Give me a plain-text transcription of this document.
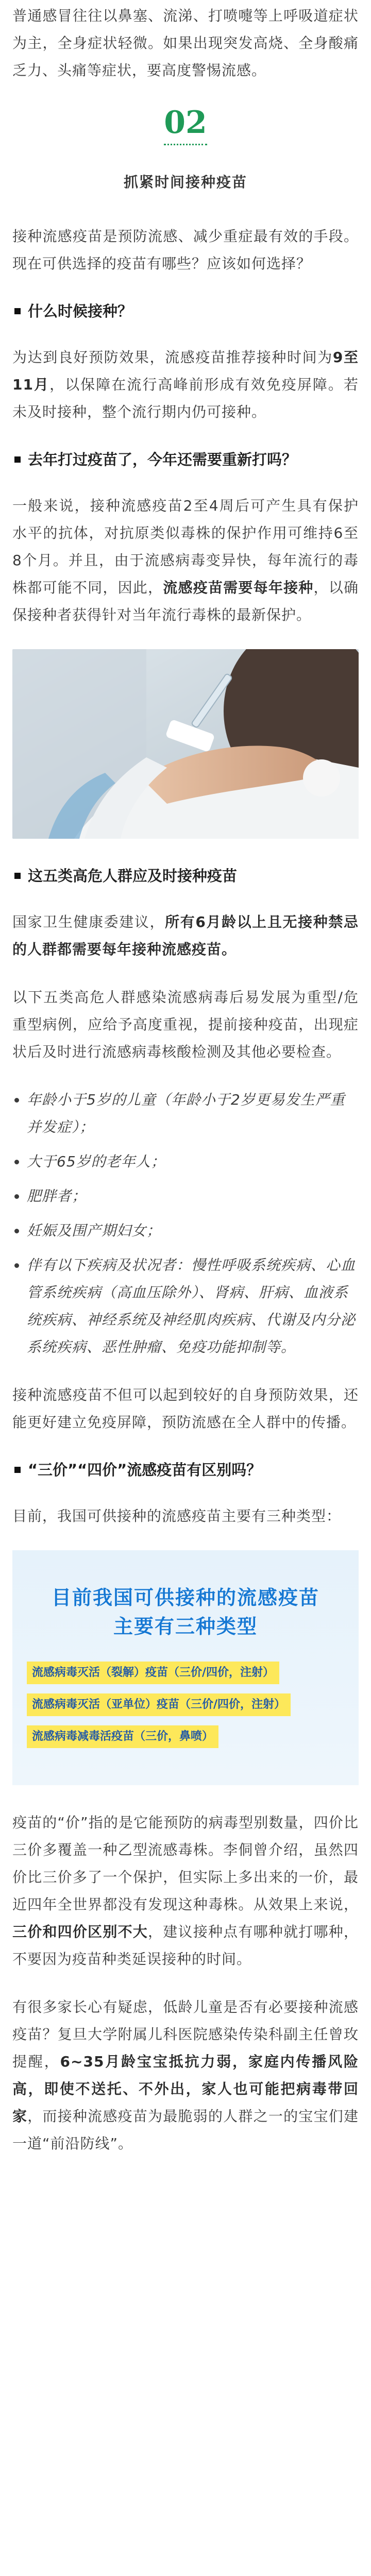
普通感冒往往以鼻塞、流涕、打喷嚏等上呼吸道症状为主，全身症状轻微。如果出现突发高烧、全身酸痛乏力、头痛等症状，要高度警惕流感。

02
抓紧时间接种疫苗

接种流感疫苗是预防流感、减少重症最有效的手段。现在可供选择的疫苗有哪些？应该如何选择？

什么时候接种？

为达到良好预防效果，流感疫苗推荐接种时间为9至11月，以保障在流行高峰前形成有效免疫屏障。若未及时接种，整个流行期内仍可接种。

去年打过疫苗了，今年还需要重新打吗？

一般来说，接种流感疫苗2至4周后可产生具有保护水平的抗体，对抗原类似毒株的保护作用可维持6至8个月。并且，由于流感病毒变异快，每年流行的毒株都可能不同，因此，流感疫苗需要每年接种，以确保接种者获得针对当年流行毒株的最新保护。

这五类高危人群应及时接种疫苗

国家卫生健康委建议，所有6月龄以上且无接种禁忌的人群都需要每年接种流感疫苗。

以下五类高危人群感染流感病毒后易发展为重型/危重型病例，应给予高度重视，提前接种疫苗，出现症状后及时进行流感病毒核酸检测及其他必要检查。

• 年龄小于5岁的儿童（年龄小于2岁更易发生严重并发症）；
• 大于65岁的老年人；
• 肥胖者；
• 妊娠及围产期妇女；
• 伴有以下疾病及状况者：慢性呼吸系统疾病、心血管系统疾病（高血压除外）、肾病、肝病、血液系统疾病、神经系统及神经肌肉疾病、代谢及内分泌系统疾病、恶性肿瘤、免疫功能抑制等。

接种流感疫苗不但可以起到较好的自身预防效果，还能更好建立免疫屏障，预防流感在全人群中的传播。

“三价”“四价”流感疫苗有区别吗？

目前，我国可供接种的流感疫苗主要有三种类型：

目前我国可供接种的流感疫苗
主要有三种类型
流感病毒灭活（裂解）疫苗（三价/四价，注射）
流感病毒灭活（亚单位）疫苗（三价/四价，注射）
流感病毒减毒活疫苗（三价，鼻喷）

疫苗的“价”指的是它能预防的病毒型别数量，四价比三价多覆盖一种乙型流感毒株。李侗曾介绍，虽然四价比三价多了一个保护，但实际上多出来的一价，最近四年全世界都没有发现这种毒株。从效果上来说，三价和四价区别不大，建议接种点有哪种就打哪种，不要因为疫苗种类延误接种的时间。

有很多家长心有疑虑，低龄儿童是否有必要接种流感疫苗？复旦大学附属儿科医院感染传染科副主任曾玫提醒，6~35月龄宝宝抵抗力弱，家庭内传播风险高，即使不送托、不外出，家人也可能把病毒带回家，而接种流感疫苗为最脆弱的人群之一的宝宝们建一道“前沿防线”。
